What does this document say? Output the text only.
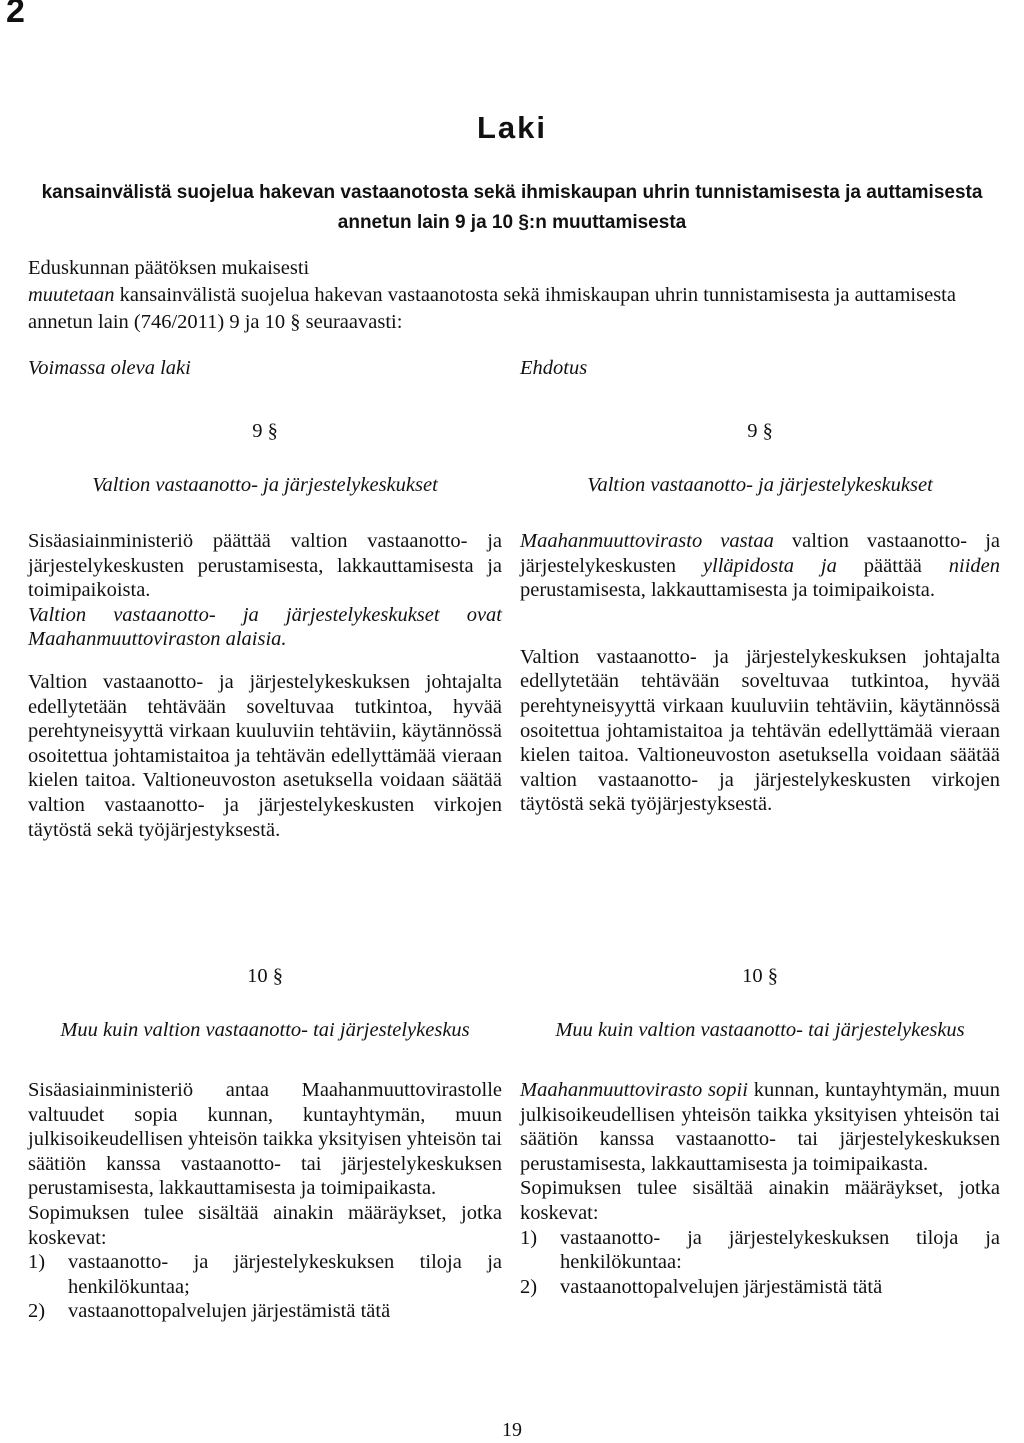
2
Laki
kansainvälistä suojelua hakevan vastaanotosta sekä ihmiskaupan uhrin tunnistamisesta ja auttamisesta annetun lain 9 ja 10 §:n muuttamisesta

Eduskunnan päätöksen mukaisesti

muutetaan kansainvälistä suojelua hakevan vastaanotosta sekä ihmiskaupan uhrin tunnistamisesta ja auttamisesta annetun lain (746/2011) 9 ja 10 § seuraavasti:

Voimassa oleva laki	Ehdotus
9 §
Valtion vastaanotto- ja järjestelykeskukset

Sisäasiainministeriö päättää valtion vastaanotto- ja järjestelykeskusten perustamisesta, lakkauttamisesta ja toimipaikoista.

Valtion vastaanotto- ja järjestelykeskukset ovat Maahanmuuttoviraston alaisia.

Valtion vastaanotto- ja järjestelykeskuksen johtajalta edellytetään tehtävään soveltuvaa tutkintoa, hyvää perehtyneisyyttä virkaan kuuluviin tehtäviin, käytännössä osoitettua johtamistaitoa ja tehtävän edellyttämää vieraan kielen taitoa. Valtioneuvoston asetuksella voidaan säätää valtion vastaanotto- ja järjestelykeskusten virkojen täytöstä sekä työjärjestyksestä.

9 §
Valtion vastaanotto- ja järjestelykeskukset

Maahanmuuttovirasto vastaa valtion vastaanotto- ja järjestelykeskusten ylläpidosta ja päättää niiden perustamisesta, lakkauttamisesta ja toimipaikoista.

Valtion vastaanotto- ja järjestelykeskuksen johtajalta edellytetään tehtävään soveltuvaa tutkintoa, hyvää perehtyneisyyttä virkaan kuuluviin tehtäviin, käytännössä osoitettua johtamistaitoa ja tehtävän edellyttämää vieraan kielen taitoa. Valtioneuvoston asetuksella voidaan säätää valtion vastaanotto- ja järjestelykeskusten virkojen täytöstä sekä työjärjestyksestä.

10 §
Muu kuin valtion vastaanotto- tai järjestelykeskus

Sisäasiainministeriö antaa Maahanmuuttovirastolle valtuudet sopia kunnan, kuntayhtymän, muun julkisoikeudellisen yhteisön taikka yksityisen yhteisön tai säätiön kanssa vastaanotto- tai järjestelykeskuksen perustamisesta, lakkauttamisesta ja toimipaikasta.

Sopimuksen tulee sisältää ainakin määräykset, jotka koskevat:

1) vastaanotto- ja järjestelykeskuksen tiloja ja henkilökuntaa;
2) vastaanottopalvelujen järjestämistä tätä
10 §
Muu kuin valtion vastaanotto- tai järjestelykeskus

Maahanmuuttovirasto sopii kunnan, kuntayhtymän, muun julkisoikeudellisen yhteisön taikka yksityisen yhteisön tai säätiön kanssa vastaanotto- tai järjestelykeskuksen perustamisesta, lakkauttamisesta ja toimipaikasta.

Sopimuksen tulee sisältää ainakin määräykset, jotka koskevat:

1) vastaanotto- ja järjestelykeskuksen tiloja ja henkilökuntaa:
2) vastaanottopalvelujen järjestämistä tätä
19
